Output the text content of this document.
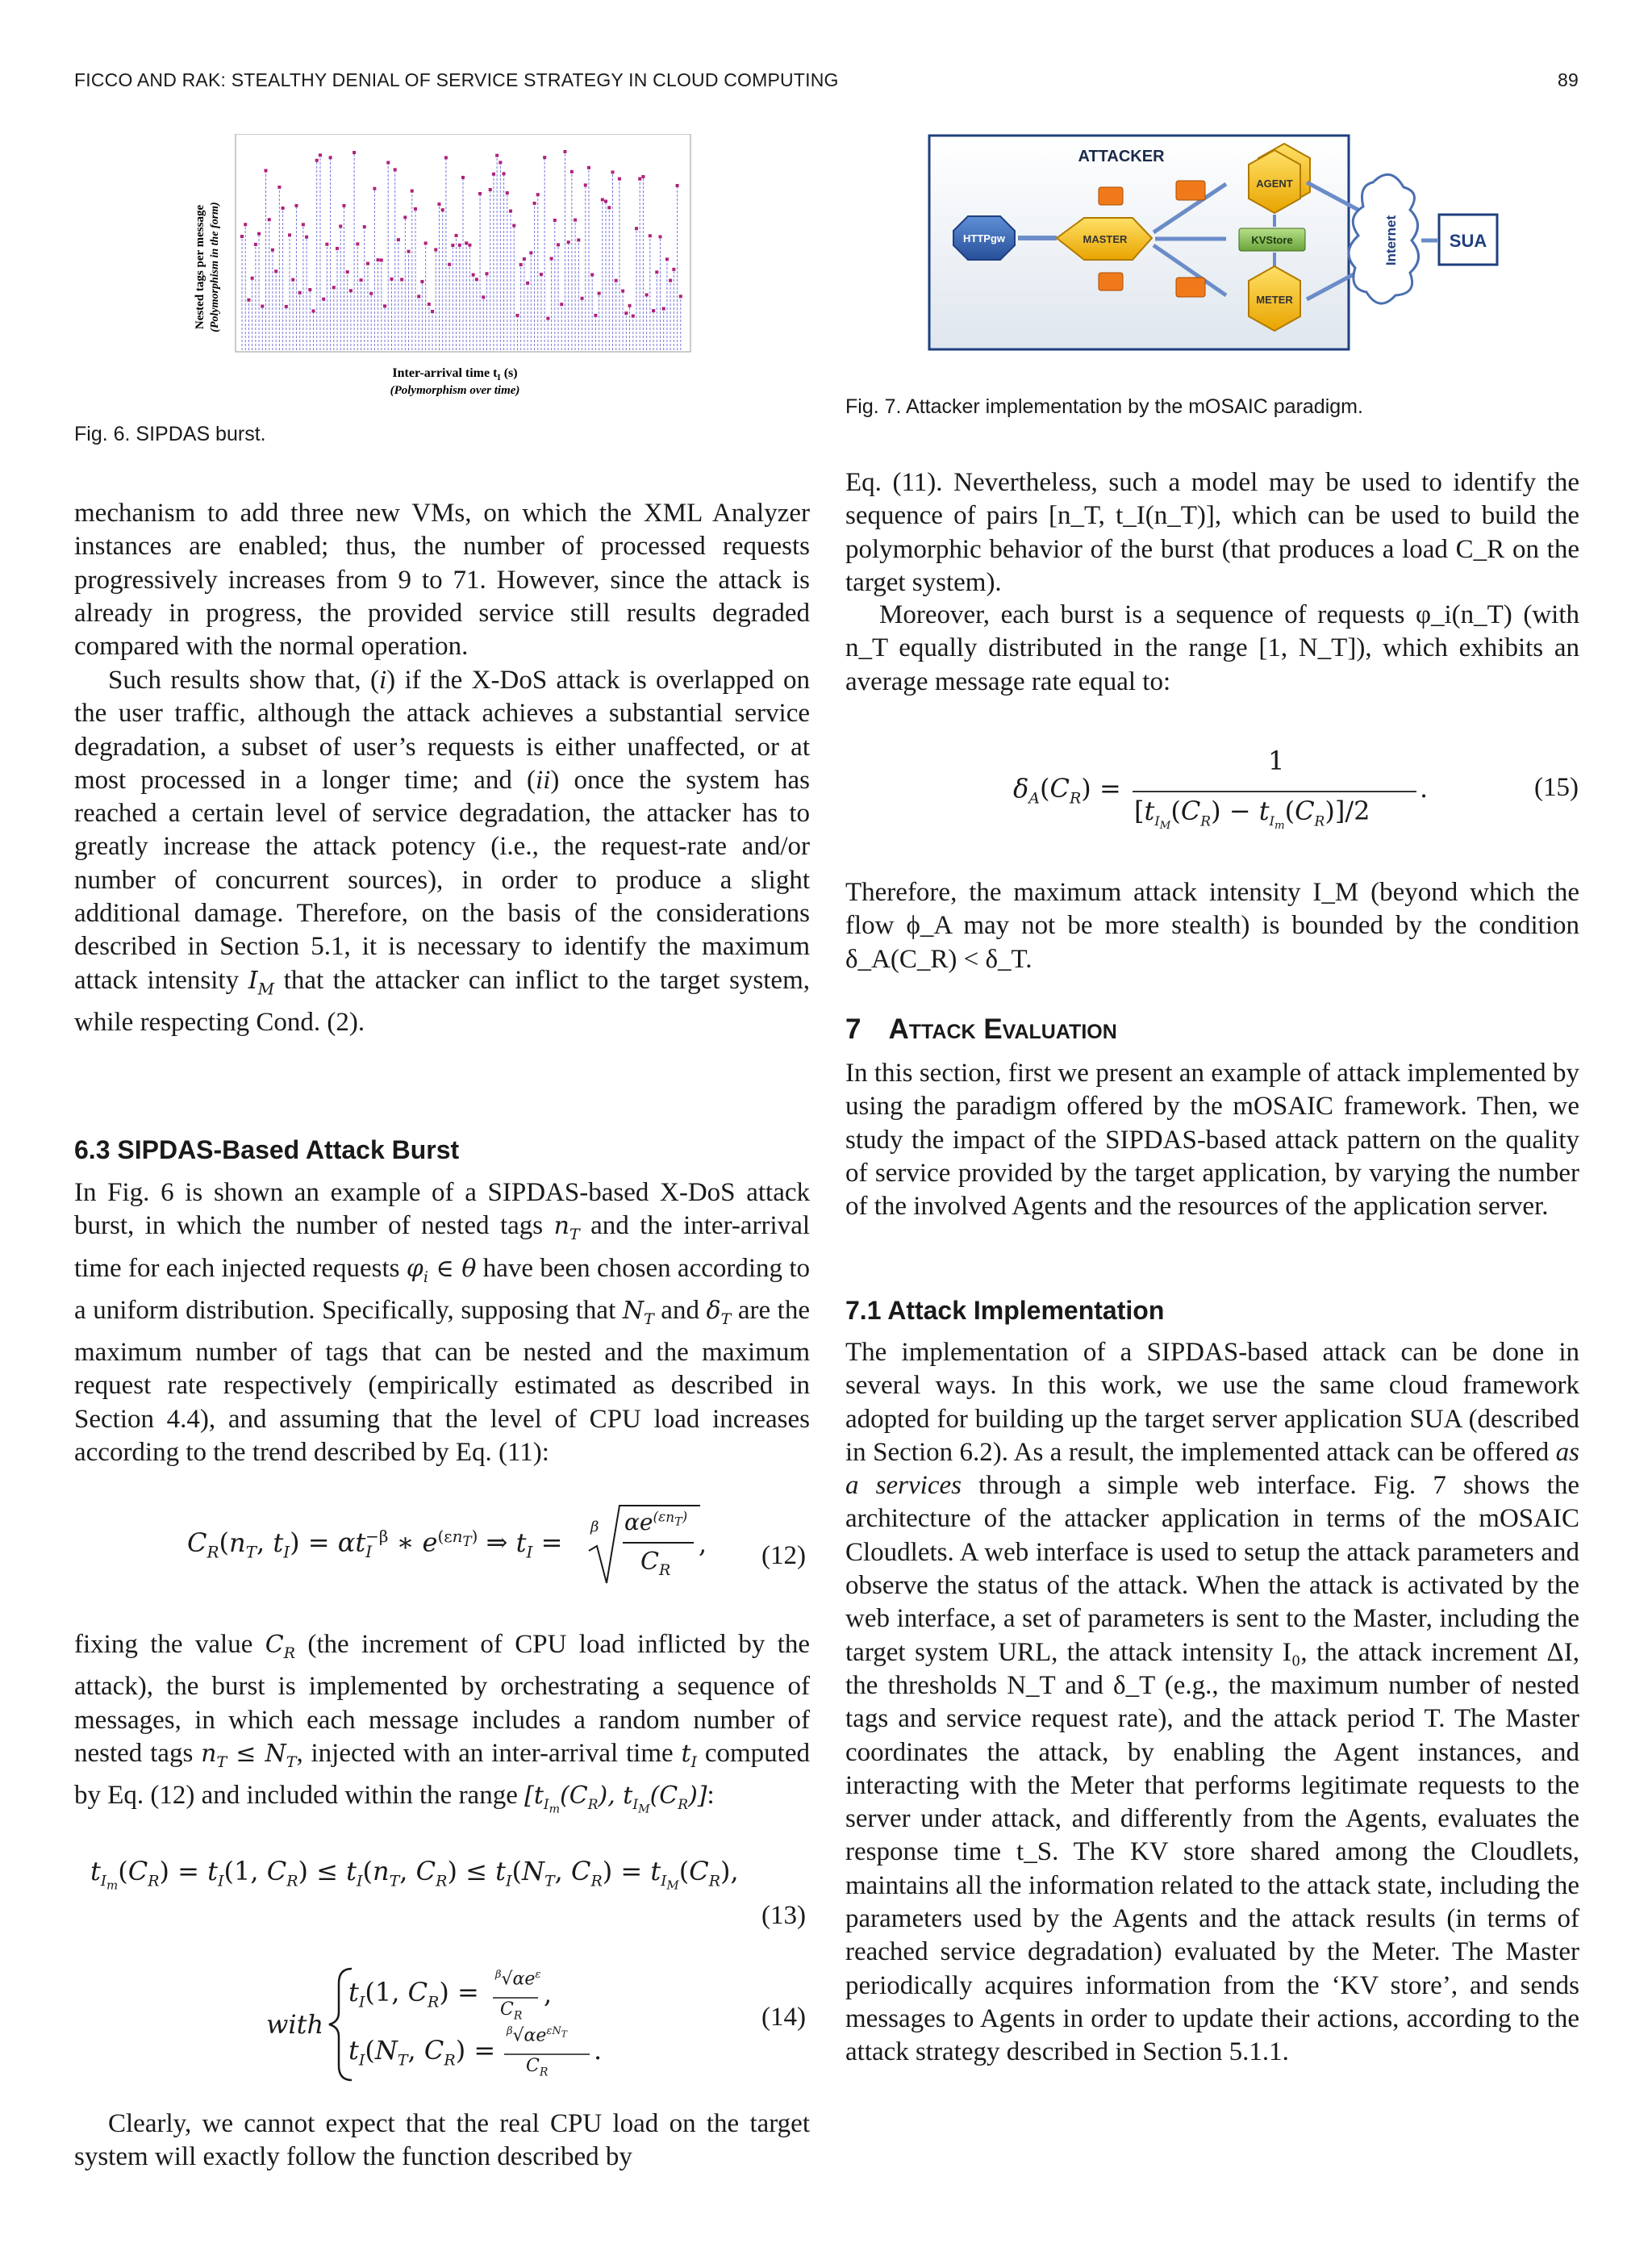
FICCO AND RAK: STEALTHY DENIAL OF SERVICE STRATEGY IN CLOUD COMPUTING	89
Nested tags per message (Polymorphism in the form)
Inter-arrival time $t_I$ (s)
(Polymorphism over time)
Fig. 6. SIPDAS burst.
ATTACKER
HTTPgw	MASTER
AGENT
KVStore
METER
Internet	SUA
Fig. 7. Attacker implementation by the mOSAIC paradigm.

mechanism to add three new VMs, on which the XML Analyzer instances are enabled; thus, the number of processed requests progressively increases from 9 to 71. However, since the attack is already in progress, the provided service still results degraded compared with the normal operation.

Such results show that, (i) if the X-DoS attack is overlapped on the user traffic, although the attack achieves a substantial service degradation, a subset of user’s requests is either unaffected, or at most processed in a longer time; and (ii) once the system has reached a certain level of service degradation, the attacker has to greatly increase the attack potency (i.e., the request-rate and/or number of concurrent sources), in order to produce a slight additional damage. Therefore, on the basis of the considerations described in Section 5.1, it is necessary to identify the maximum attack intensity $I_M$ that the attacker can inflict to the target system, while respecting Cond. (2).

6.3 SIPDAS-Based Attack Burst

In Fig. 6 is shown an example of a SIPDAS-based X-DoS attack burst, in which the number of nested tags $n_T$ and the inter-arrival time for each injected requests $\varphi_i$ ∈ θ have been chosen according to a uniform distribution. Specifically, supposing that $N_T$ and $\delta_T$ are the maximum number of tags that can be nested and the maximum request rate respectively (empirically estimated as described in Section 4.4), and assuming that the level of CPU load increases according to the trend described by Eq. (11):

$C_R(n_T$, $t_I) = \alpha t_I^{-\beta}$ ∗ $e^{(\varepsilon n_T)}$ ⇒ $t_I$ =
β $\alpha e^{(\varepsilon n_T)}$
$C_R$
, (12)

fixing the value $C_R$ (the increment of CPU load inflicted by the attack), the burst is implemented by orchestrating a sequence of messages, in which each message includes a random number of nested tags $n_T \le N_T$, injected with an inter-arrival time $t_I$ computed by Eq. (12) and included within the range [$t_{I_m}(C_R)$, $t_{I_M}(C_R)$]:

$t_{I_m}(C_R) = t_I(1$, $C_R) \le t_I(n_T$, $C_R) \le t_I(N_T$, $C_R) = t_{I_M}(C_R)$,
(13)
with
$t_I(1$, $C_R$) =
$t_I(N_T$, $C_R$) =
$^\beta√\alpha e^\varepsilon$
$C_R$
,
$^\beta√\alpha e^{\varepsilon N_T}$
$C_R$
.
(14)

Clearly, we cannot expect that the real CPU load on the target system will exactly follow the function described by

Eq. (11). Nevertheless, such a model may be used to identify the sequence of pairs [n_T, t_I(n_T)], which can be used to build the polymorphic behavior of the burst (that produces a load C_R on the target system).

Moreover, each burst is a sequence of requests φ_i(n_T) (with n_T equally distributed in the range [1, N_T]), which exhibits an average message rate equal to:

$\delta_A(C_R)$ =
1
$[t_{I_M}(C_R) - t_{I_m}(C_R)]/2$
.	(15)

Therefore, the maximum attack intensity I_M (beyond which the flow ϕ_A may not be more stealth) is bounded by the condition δ_A(C_R) < δ_T.

7 Attack Evaluation

In this section, first we present an example of attack implemented by using the paradigm offered by the mOSAIC framework. Then, we study the impact of the SIPDAS-based attack pattern on the quality of service provided by the target application, by varying the number of the involved Agents and the resources of the application server.

7.1 Attack Implementation

The implementation of a SIPDAS-based attack can be done in several ways. In this work, we use the same cloud framework adopted for building up the target server application SUA (described in Section 6.2). As a result, the implemented attack can be offered as a services through a simple web interface. Fig. 7 shows the architecture of the attacker application in terms of the mOSAIC Cloudlets. A web interface is used to setup the attack parameters and observe the status of the attack. When the attack is activated by the web interface, a set of parameters is sent to the Master, including the target system URL, the attack intensity I₀, the attack increment ΔI, the thresholds N_T and δ_T (e.g., the maximum number of nested tags and service request rate), and the attack period T. The Master coordinates the attack, by enabling the Agent instances, and interacting with the Meter that performs legitimate requests to the server under attack, and differently from the Agents, evaluates the response time t_S. The KV store shared among the Cloudlets, maintains all the information related to the attack state, including the parameters used by the Agents and the attack results (in terms of reached service degradation) evaluated by the Meter. The Master periodically acquires information from the ‘KV store’, and sends messages to Agents in order to update their actions, according to the attack strategy described in Section 5.1.1.
